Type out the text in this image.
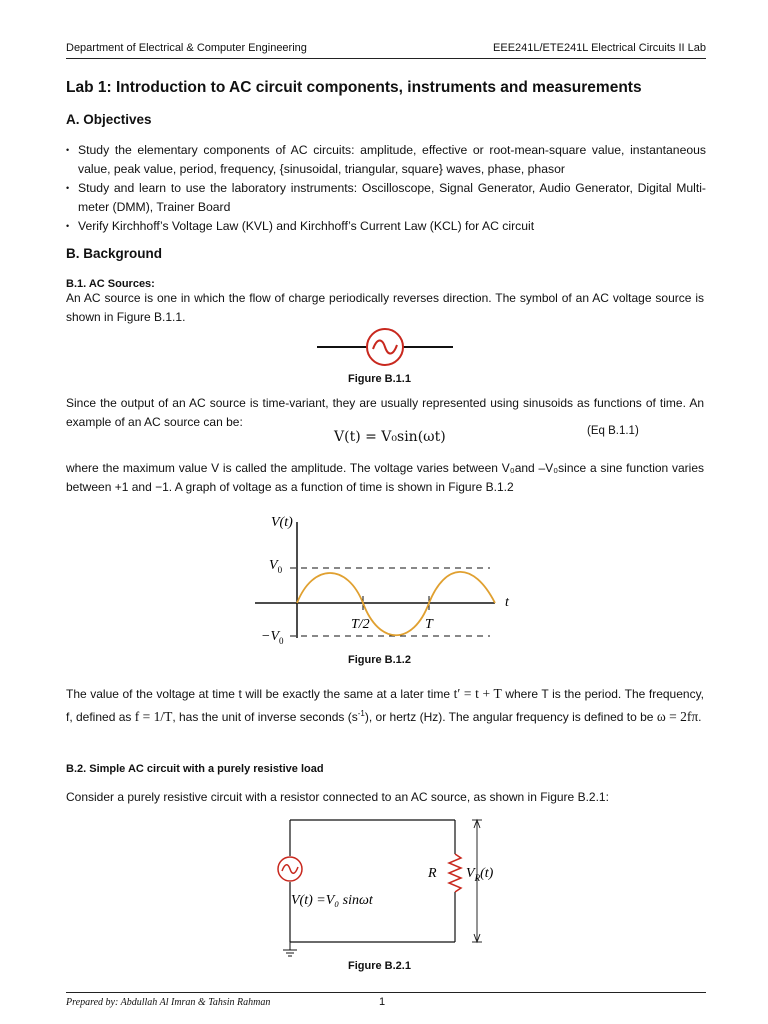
Department of Electrical & Computer Engineering	EEE241L/ETE241L Electrical Circuits II Lab
Lab 1: Introduction to AC circuit components, instruments and measurements
A. Objectives
• Study the elementary components of AC circuits: amplitude, effective or root-mean-square value, instantaneous value, peak value, period, frequency, {sinusoidal, triangular, square} waves, phase, phasor
• Study and learn to use the laboratory instruments: Oscilloscope, Signal Generator, Audio Generator, Digital Multi-meter (DMM), Trainer Board
• Verify Kirchhoff’s Voltage Law (KVL) and Kirchhoff’s Current Law (KCL) for AC circuit
B. Background
B.1. AC Sources:
An AC source is one in which the flow of charge periodically reverses direction. The symbol of an AC voltage source is shown in Figure B.1.1.
Figure B.1.1
Since the output of an AC source is time-variant, they are usually represented using sinusoids as functions of time. An example of an AC source can be:
V(t) = V₀sin(ωt)	(Eq B.1.1)
where the maximum value V is called the amplitude. The voltage varies between V₀and –V₀since a sine function varies between +1 and −1. A graph of voltage as a function of time is shown in Figure B.1.2
V(t)
$V_0$
$-V_0$
T/2	T
t
Figure B.1.2
The value of the voltage at time t will be exactly the same at a later time t′ = t + T where T is the period. The frequency, f, defined as f = 1/T, has the unit of inverse seconds $(s^{-1})$, or hertz (Hz). The angular frequency is defined to be ω = 2fπ.
B.2. Simple AC circuit with a purely resistive load
Consider a purely resistive circuit with a resistor connected to an AC source, as shown in Figure B.2.1:
V(t) =V₀ sinωt
R $V_R(t)$
Figure B.2.1
Prepared by: Abdullah Al Imran & Tahsin Rahman	1
